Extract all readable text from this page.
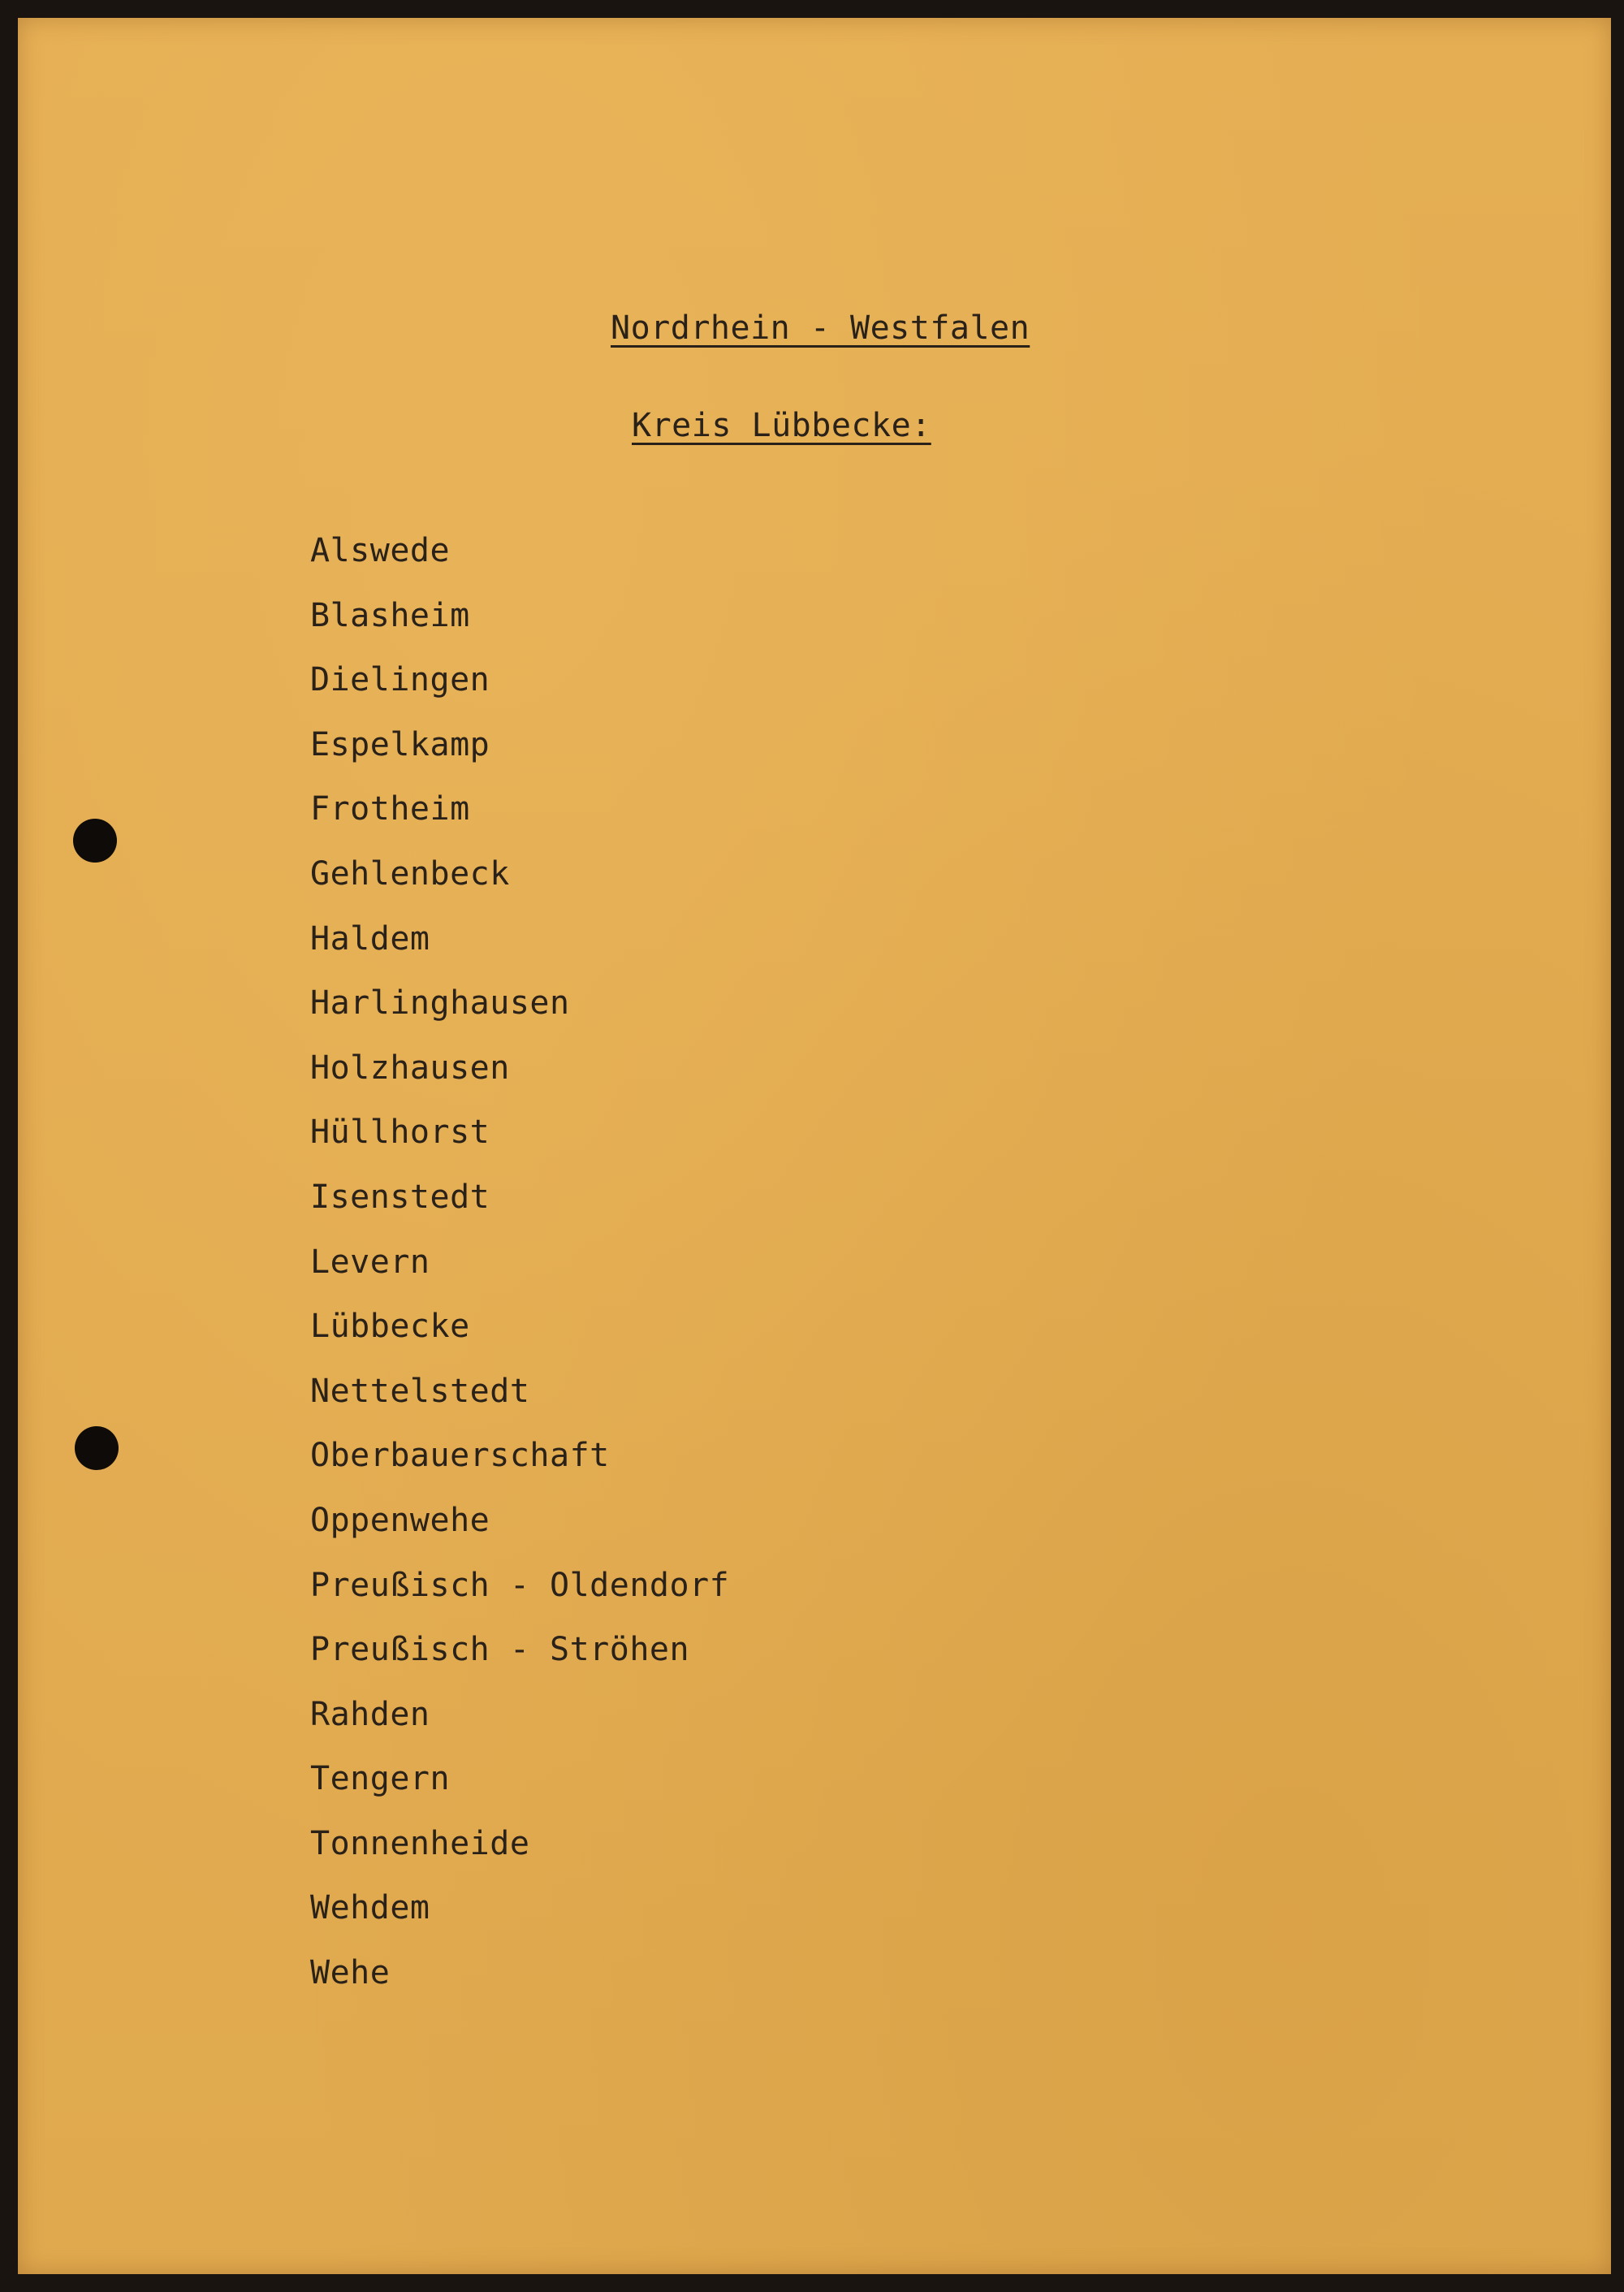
Nordrhein - Westfalen
Kreis Lübbecke:
Alswede
Blasheim
Dielingen
Espelkamp
Frotheim
Gehlenbeck
Haldem
Harlinghausen
Holzhausen
Hüllhorst
Isenstedt
Levern
Lübbecke
Nettelstedt
Oberbauerschaft
Oppenwehe
Preußisch - Oldendorf
Preußisch - Ströhen
Rahden
Tengern
Tonnenheide
Wehdem
Wehe
